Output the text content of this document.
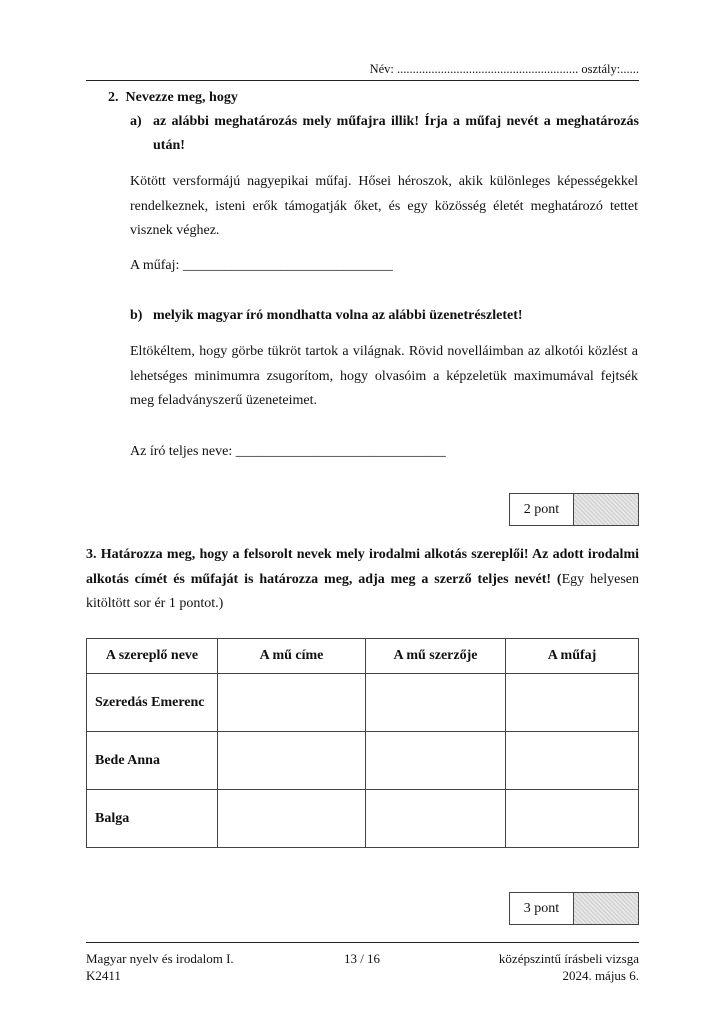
Név: .......................................................... osztály:......
2.  Nevezze meg, hogy
a) az alábbi meghatározás mely műfajra illik! Írja a műfaj nevét a meghatározás
után!
Kötött versformájú nagyepikai műfaj. Hősei héroszok, akik különleges képességekkel rendelkeznek, isteni erők támogatják őket, és egy közösség életét meghatározó tettet visznek véghez.
A műfaj: ______________________________
b) melyik magyar író mondhatta volna az alábbi üzenetrészletet!
Eltökéltem, hogy görbe tükröt tartok a világnak. Rövid novelláimban az alkotói közlést a lehetséges minimumra zsugorítom, hogy olvasóim a képzeletük maximumával fejtsék meg feladványszerű üzeneteimet.
Az író teljes neve: ______________________________
2 pont
3. Határozza meg, hogy a felsorolt nevek mely irodalmi alkotás szereplői! Az adott irodalmi alkotás címét és műfaját is határozza meg, adja meg a szerző teljes nevét! (Egy helyesen kitöltött sor ér 1 pontot.)
A szereplő neve	A mű címe	A mű szerzője	A műfaj
Szeredás Emerenc			
Bede Anna			
Balga			
3 pont
Magyar nyelv és irodalom I.
K2411
13 / 16	középszintű írásbeli vizsga
2024. május 6.
